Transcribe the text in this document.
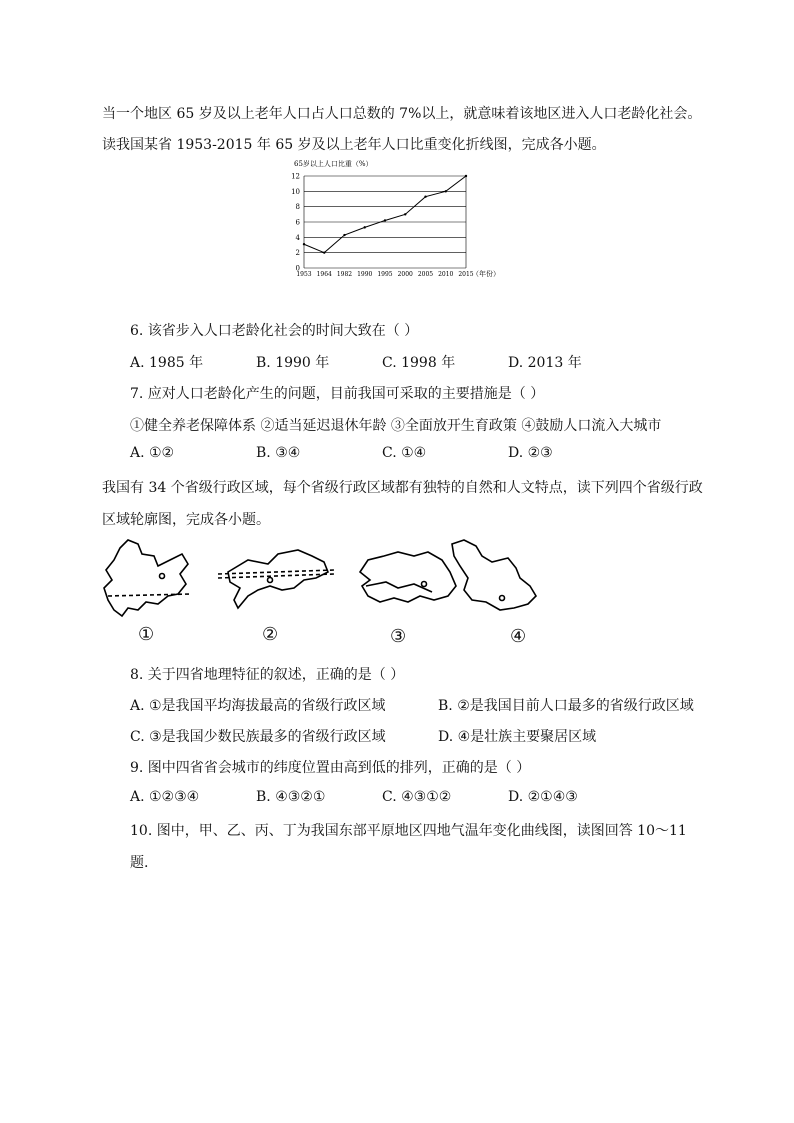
当一个地区 65 岁及以上老年人口占人口总数的 7%以上，就意味着该地区进入人口老龄化社会。
读我国某省 1953-2015 年 65 岁及以上老年人口比重变化折线图，完成各小题。
65岁以上人口比重（%）
0
2
4
6
8
10
12
1953 1964 1982 1990 1995 2000 2005 2010 2015
（年份）
6. 该省步入人口老龄化社会的时间大致在（ ）
A. 1985 年	B. 1990 年	C. 1998 年	D. 2013 年
7. 应对人口老龄化产生的问题，目前我国可采取的主要措施是（ ）
①健全养老保障体系 ②适当延迟退休年龄 ③全面放开生育政策 ④鼓励人口流入大城市
A. ①②	B. ③④	C. ①④	D. ②③
我国有 34 个省级行政区域，每个省级行政区域都有独特的自然和人文特点，读下列四个省级行政
区域轮廓图，完成各小题。
①	②	③	④
8. 关于四省地理特征的叙述，正确的是（ ）
A. ①是我国平均海拔最高的省级行政区域	B. ②是我国目前人口最多的省级行政区域
C. ③是我国少数民族最多的省级行政区域	D. ④是壮族主要聚居区域
9. 图中四省省会城市的纬度位置由高到低的排列，正确的是（ ）
A. ①②③④	B. ④③②①	C. ④③①②	D. ②①④③
10. 图中，甲、乙、丙、丁为我国东部平原地区四地气温年变化曲线图，读图回答 10～11
题.
